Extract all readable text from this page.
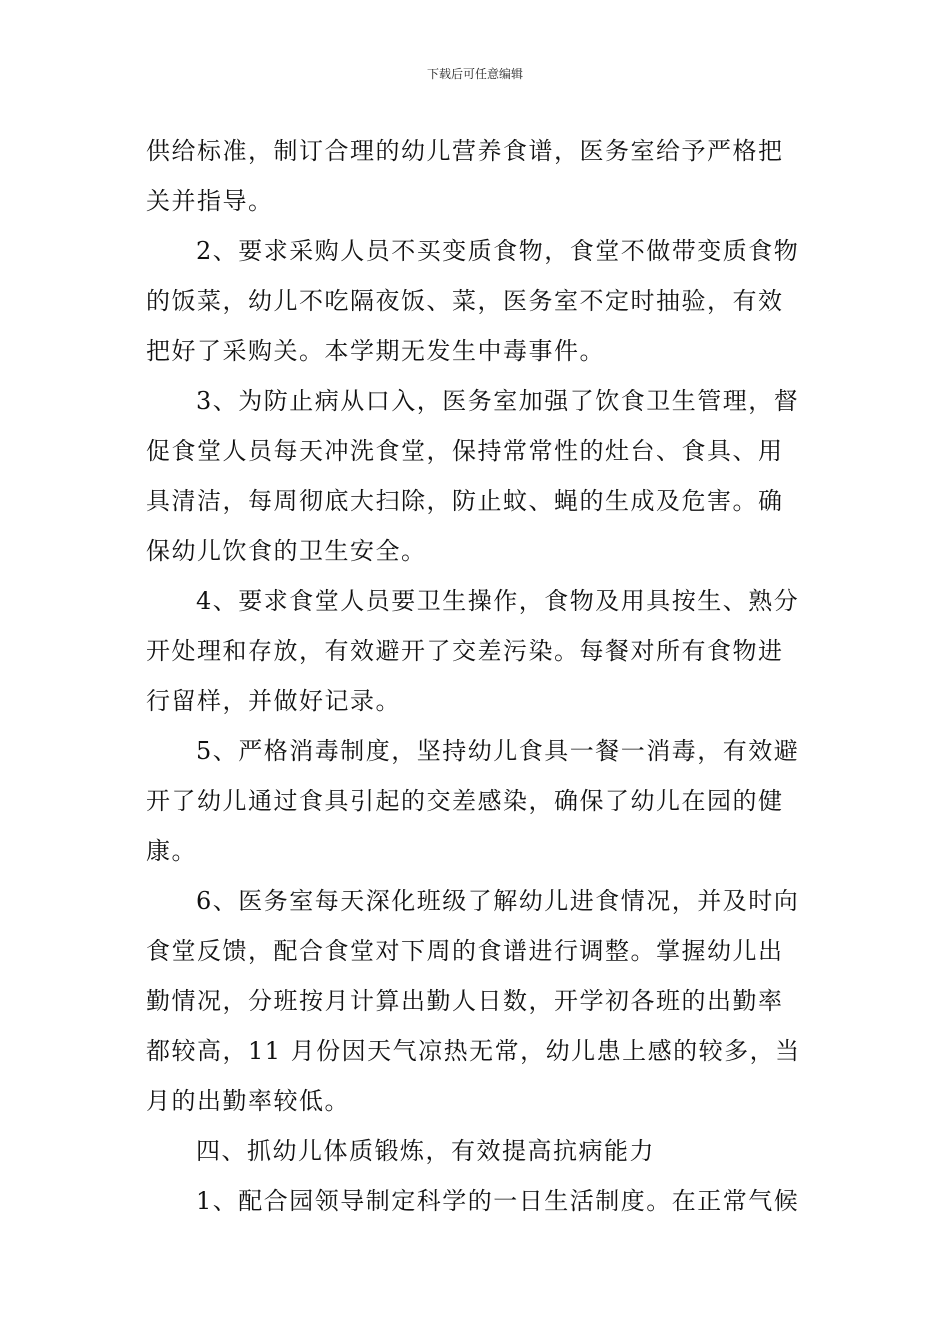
下载后可任意编辑
供给标准，制订合理的幼儿营养食谱，医务室给予严格把
关并指导。
2、要求采购人员不买变质食物，食堂不做带变质食物
的饭菜，幼儿不吃隔夜饭、菜，医务室不定时抽验，有效
把好了采购关。本学期无发生中毒事件。
3、为防止病从口入，医务室加强了饮食卫生管理，督
促食堂人员每天冲洗食堂，保持常常性的灶台、食具、用
具清洁，每周彻底大扫除，防止蚊、蝇的生成及危害。确
保幼儿饮食的卫生安全。
4、要求食堂人员要卫生操作，食物及用具按生、熟分
开处理和存放，有效避开了交差污染。每餐对所有食物进
行留样，并做好记录。
5、严格消毒制度，坚持幼儿食具一餐一消毒，有效避
开了幼儿通过食具引起的交差感染，确保了幼儿在园的健
康。
6、医务室每天深化班级了解幼儿进食情况，并及时向
食堂反馈，配合食堂对下周的食谱进行调整。掌握幼儿出
勤情况，分班按月计算出勤人日数，开学初各班的出勤率
都较高，11 月份因天气凉热无常，幼儿患上感的较多，当
月的出勤率较低。
四、抓幼儿体质锻炼，有效提高抗病能力
1、配合园领导制定科学的一日生活制度。在正常气候
